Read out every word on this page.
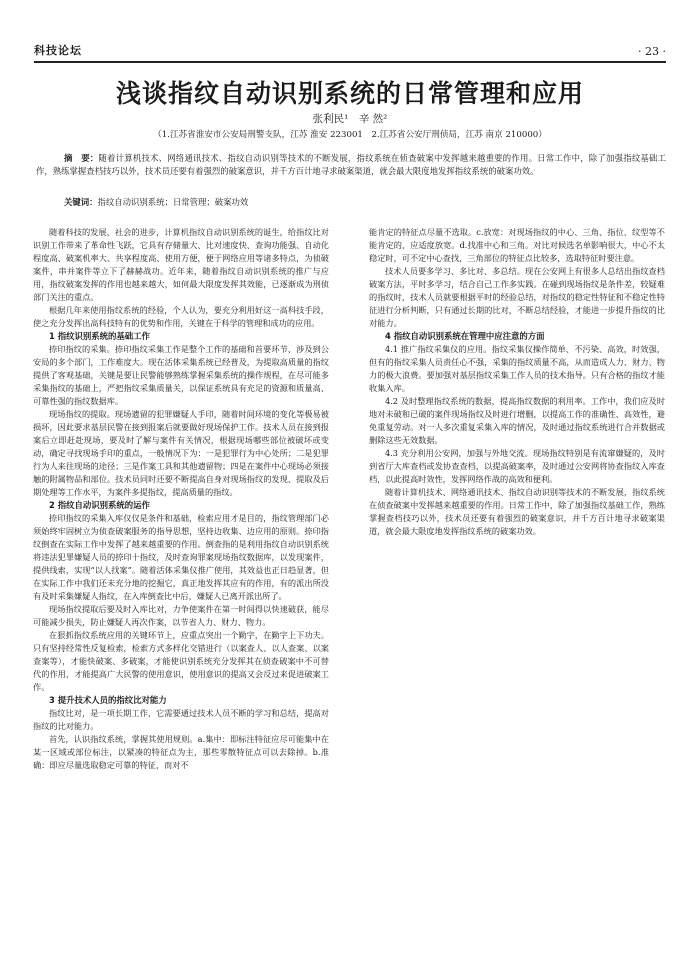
科技论坛	· 23 ·
浅谈指纹自动识别系统的日常管理和应用
张利民¹　辛 然²
（1.江苏省淮安市公安局刑警支队，江苏 淮安 223001　2.江苏省公安厅刑侦局，江苏 南京 210000）
摘　要：随着计算机技术、网络通讯技术、指纹自动识别等技术的不断发展，指纹系统在侦查破案中发挥越来越重要的作用。日常工作中，除了加强指纹基础工作，熟练掌握查档技巧以外，技术员还要有着强烈的破案意识，并千方百计地寻求破案渠道，就会最大限度地发挥指纹系统的破案功效。
关键词：指纹自动识别系统；日常管理；破案功效

随着科技的发展，社会的进步，计算机指纹自动识别系统的诞生，给指纹比对识别工作带来了革命性飞跃，它具有存储量大、比对速度快、查询功能强、自动化程度高、破案机率大、共享程度高、使用方便，便于网络应用等诸多特点，为侦破案件，串并案件等立下了赫赫战功。近年来，随着指纹自动识别系统的推广与应用，指纹破案发挥的作用也越来越大，如何最大限度发挥其效能，已逐渐成为刑侦部门关注的重点。

根据几年来使用指纹系统的经验，个人认为，要充分利用好这一高科技手段，使之充分发挥出高科技特有的优势和作用，关键在于科学的管理和成功的应用。

1 指纹识别系统的基础工作

捺印指纹的采集。捺印指纹采集工作是整个工作的基础和首要环节，涉及到公安局的多个部门，工作难度大。现在活体采集系统已经普及，为提取高质量的指纹提供了客观基础，关键是要让民警能够熟练掌握采集系统的操作规程，在尽可能多采集指纹的基础上，严把指纹采集质量关，以保证系统具有充足的资源和质量高、可靠性强的指纹数据库。

现场指纹的提取。现场遗留的犯罪嫌疑人手印，随着时间环境的变化等极易被损坏，因此要求基层民警在接到报案后就要做好现场保护工作。技术人员在接到报案后立即赶赴现场，要及时了解与案件有关情况，根据现场哪些部位被破坏或变动，确定寻找现场手印的重点，一般情况下为：一是犯罪行为中心处所；二是犯罪行为人来往现场的途径；三是作案工具和其他遗留物；四是在案件中心现场必须接触的附属物品和部位。技术员同时还要不断提高自身对现场指纹的发现、提取及后期处理等工作水平，为案件多提指纹，提高质量的指纹。

2 指纹自动识别系统的运作

捺印指纹的采集入库仅仅是条件和基础，检索应用才是目的，指纹管理部门必须始终牢固树立为侦查破案服务的指导思想，坚持边收集、边应用的原则。捺印指纹倒查在实际工作中发挥了越来越重要的作用。倒查指的是利用指纹自动识别系统将违法犯罪嫌疑人员的捺印十指纹，及时查询罪案现场指纹数据库，以发现案件，提供线索，实现“以人找案”。随着活体采集仪推广使用，其效益也正日趋显著，但在实际工作中我们还未充分地的挖掘它，真正地发挥其应有的作用，有的派出所没有及时采集嫌疑人指纹，在入库倒查比中后，嫌疑人已离开派出所了。

现场指纹提取后要及时入库比对，力争使案件在第一时间得以快速破获，能尽可能减少损失，防止嫌疑人再次作案，以节省人力、财力、物力。

在狠抓指纹系统应用的关键环节上，应重点突出一个勤字，在勤字上下功夫。只有坚持经常性反复检索，检索方式多样化交错进行（以案查人、以人查案、以案查案等），才能快破案、多破案，才能使识别系统充分发挥其在侦查破案中不可替代的作用，才能提高广大民警的使用意识，使用意识的提高又会反过来促进破案工作。

3 提升技术人员的指纹比对能力

指纹比对，是一项长期工作，它需要通过技术人员不断的学习和总结，提高对指纹的比对能力。

首先，认识指纹系统，掌握其使用规则。a.集中：即标注特征应尽可能集中在某一区域或部位标注，以紧凑的特征点为主，那些零散特征点可以去除掉。b.准确：即应尽量选取稳定可靠的特征，而对不

能肯定的特征点尽量不选取。c.放宽：对现场指纹的中心、三角、指位、纹型等不能肯定的，应适度放宽。d.找准中心和三角。对比对候选名单影响很大，中心不太稳定时，可不定中心查找，三角部位的特征点比较多，选取特征时要注意。

技术人员要多学习、多比对、多总结。现在公安网上有很多人总结出指纹查档破案方法，平时多学习，结合自己工作多实践。在碰到现场指纹是条件差，较疑难的指纹时，技术人员就要根据平时的经验总结，对指纹的稳定性特征和不稳定性特征进行分析判断，只有通过长期的比对，不断总结经验，才能进一步提升指纹的比对能力。

4 指纹自动识别系统在管理中应注意的方面

4.1 推广指纹采集仪的应用。指纹采集仪操作简单、不污染、高效，时效强，但有的指纹采集人员责任心不强，采集的指纹质量不高，从而造成人力、财力、物力的极大浪费。要加强对基层指纹采集工作人员的技术指导。只有合格的指纹才能收集入库。

4.2 及时整理指纹系统的数据，提高指纹数据的利用率。工作中，我们应及时地对未破和已破的案件现场指纹及时进行增删，以提高工作的准确性、高效性，避免重复劳动。对一人多次重复采集入库的情况，及时通过指纹系统进行合并数据或删除这些无效数据。

4.3 充分利用公安网，加强与外地交流。现场指纹特别是有流窜嫌疑的，及时到省厅大库查档或发协查查档，以提高破案率，及时通过公安网将协查指纹入库查档，以此提高时效性，发挥网络作战的高效和便利。

随着计算机技术、网络通讯技术、指纹自动识别等技术的不断发展，指纹系统在侦查破案中发挥越来越重要的作用。日常工作中，除了加强指纹基础工作，熟练掌握查档技巧以外，技术员还要有着强烈的破案意识，并千方百计地寻求破案渠道，就会最大限度地发挥指纹系统的破案功效。
